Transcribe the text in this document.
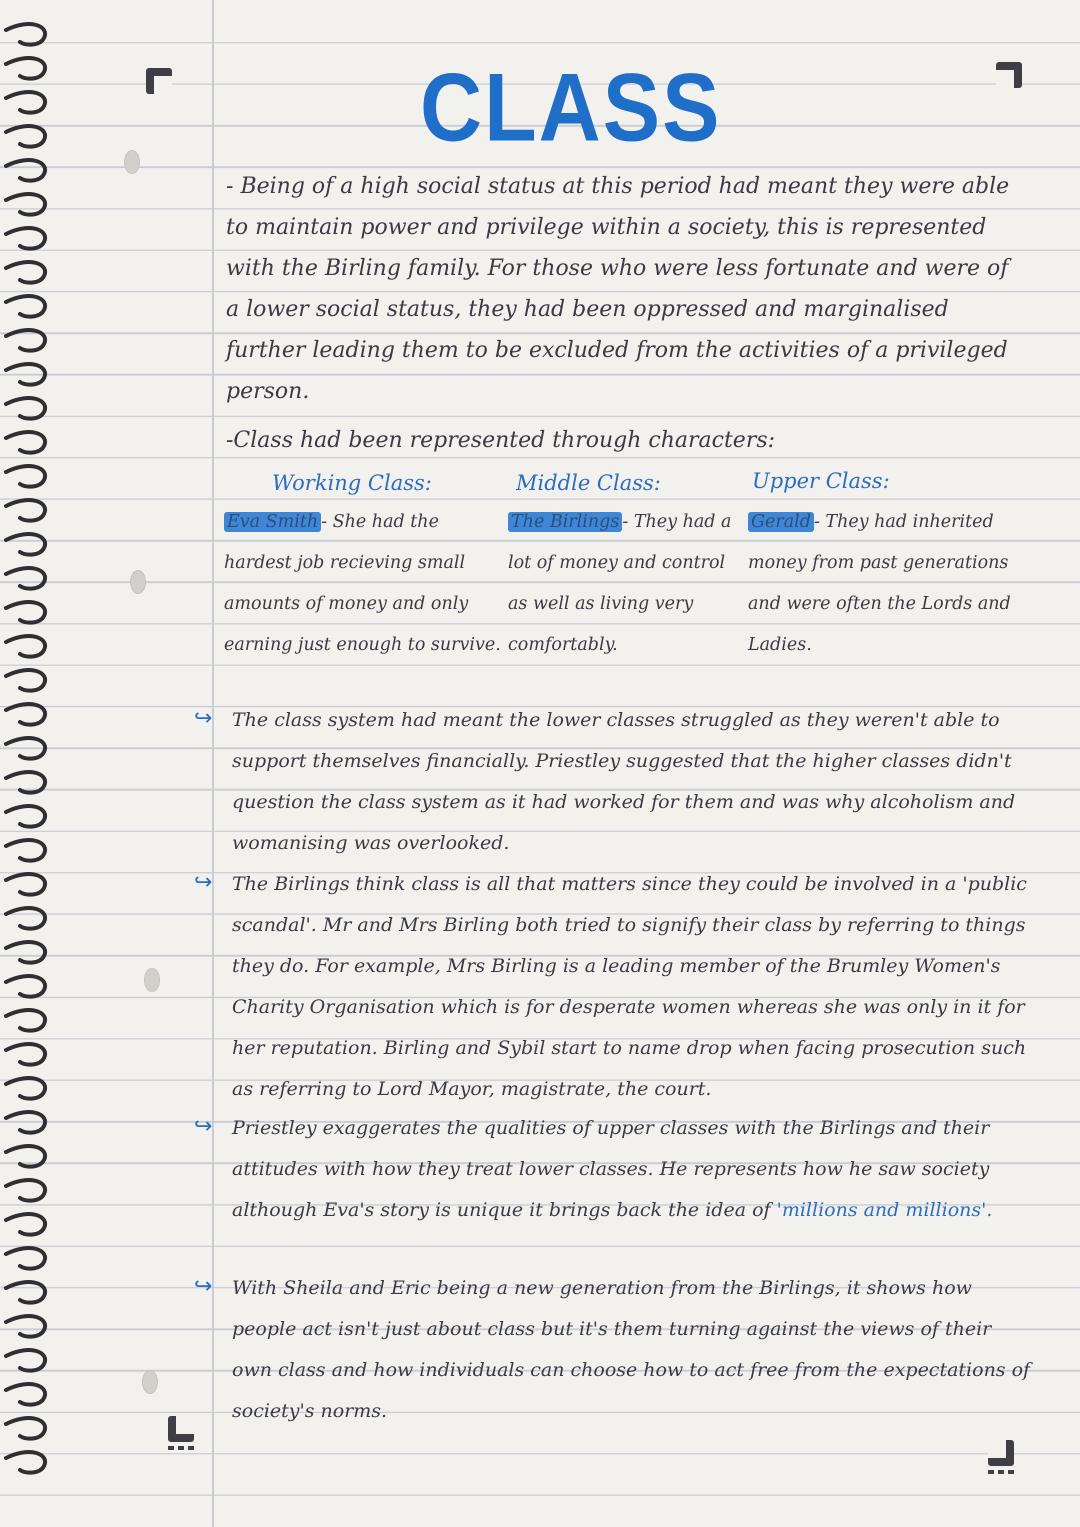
CLASS

- Being of a high social status at this period had meant they were able to maintain power and privilege within a society, this is represented with the Birling family. For those who were less fortunate and were of a lower social status, they had been oppressed and marginalised further leading them to be excluded from the activities of a privileged person.

-Class had been represented through characters:

Working Class:	Middle Class:	Upper Class:

Eva Smith - She had the hardest job recieving small amounts of money and only earning just enough to survive.

The Birlings - They had a lot of money and control as well as living very comfortably.

Gerald - They had inherited money from past generations and were often the Lords and Ladies.

↪ The class system had meant the lower classes struggled as they weren't able to support themselves financially. Priestley suggested that the higher classes didn't question the class system as it had worked for them and was why alcoholism and womanising was overlooked.

↪ The Birlings think class is all that matters since they could be involved in a 'public scandal'. Mr and Mrs Birling both tried to signify their class by referring to things they do. For example, Mrs Birling is a leading member of the Brumley Women's Charity Organisation which is for desperate women whereas she was only in it for her reputation. Birling and Sybil start to name drop when facing prosecution such as referring to Lord Mayor, magistrate, the court.

↪ Priestley exaggerates the qualities of upper classes with the Birlings and their attitudes with how they treat lower classes. He represents how he saw society although Eva's story is unique it brings back the idea of 'millions and millions'.

↪ With Sheila and Eric being a new generation from the Birlings, it shows how people act isn't just about class but it's them turning against the views of their own class and how individuals can choose how to act free from the expectations of society's norms.
